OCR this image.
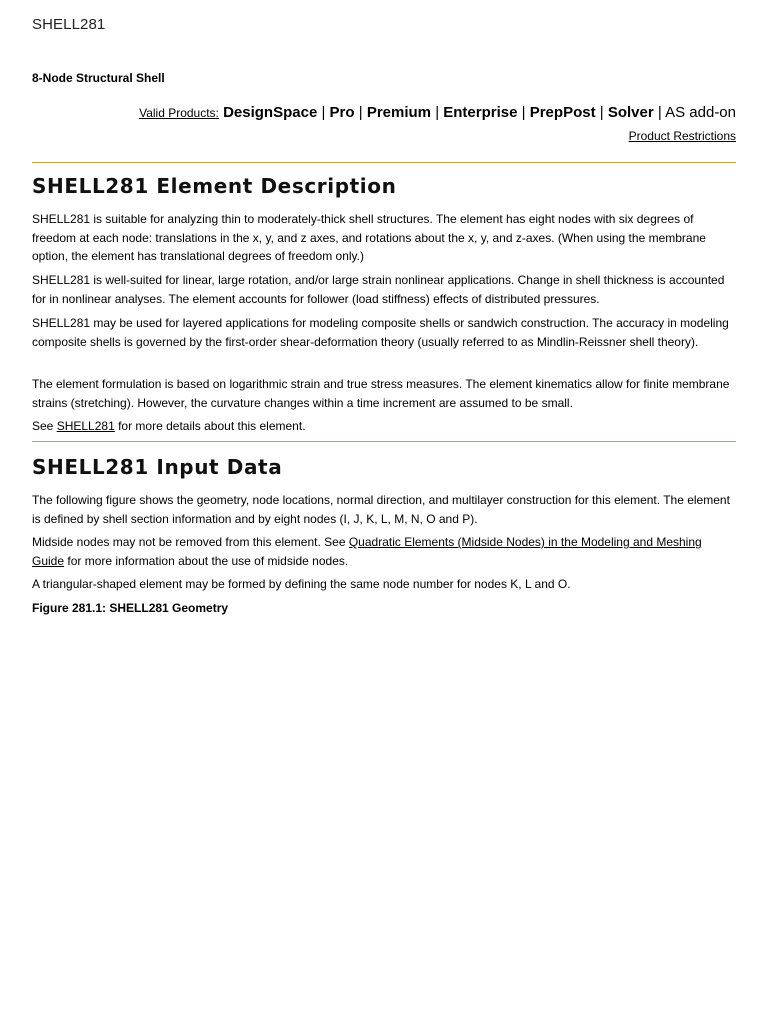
SHELL281
8-Node Structural Shell
Valid Products: DesignSpace | Pro | Premium | Enterprise | PrepPost | Solver | AS add-on
Product Restrictions
SHELL281 Element Description

SHELL281 is suitable for analyzing thin to moderately-thick shell structures. The element has eight nodes with six degrees of freedom at each node: translations in the x, y, and z axes, and rotations about the x, y, and z-axes. (When using the membrane option, the element has translational degrees of freedom only.)

SHELL281 is well-suited for linear, large rotation, and/or large strain nonlinear applications. Change in shell thickness is accounted for in nonlinear analyses. The element accounts for follower (load stiffness) effects of distributed pressures.

SHELL281 may be used for layered applications for modeling composite shells or sandwich construction. The accuracy in modeling composite shells is governed by the first-order shear-deformation theory (usually referred to as Mindlin-Reissner shell theory).

The element formulation is based on logarithmic strain and true stress measures. The element kinematics allow for finite membrane strains (stretching). However, the curvature changes within a time increment are assumed to be small.

See SHELL281 for more details about this element.

SHELL281 Input Data

The following figure shows the geometry, node locations, normal direction, and multilayer construction for this element. The element is defined by shell section information and by eight nodes (I, J, K, L, M, N, O and P).

Midside nodes may not be removed from this element. See Quadratic Elements (Midside Nodes) in the Modeling and Meshing Guide for more information about the use of midside nodes.

A triangular-shaped element may be formed by defining the same node number for nodes K, L and O.

Figure 281.1: SHELL281 Geometry
